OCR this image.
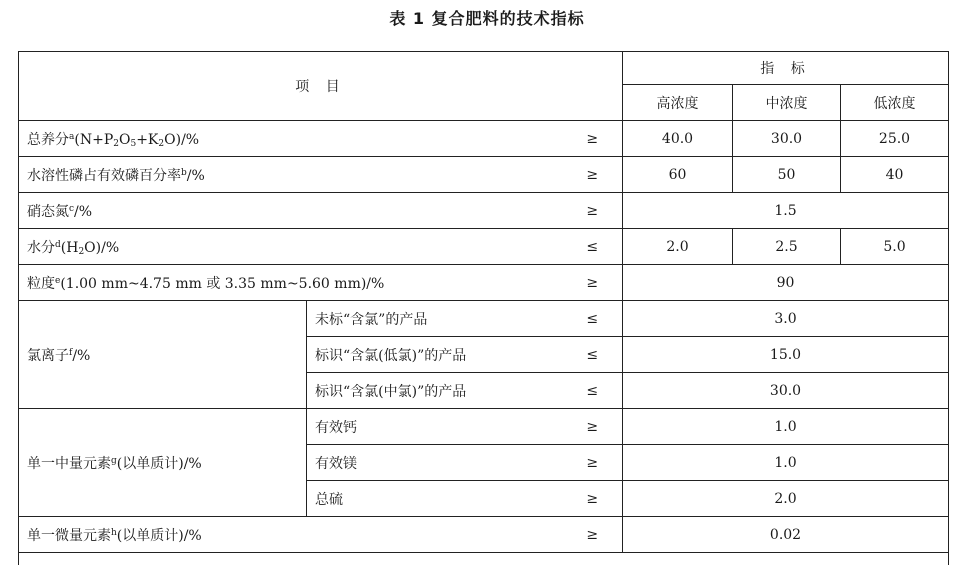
表 1 复合肥料的技术指标
项 目			指 标		
			高浓度	中浓度	低浓度
总养分$^a(N+P_2O_5+K_2O)/\%$		≥	40.0	30.0	25.0
水溶性磷占有效磷百分率$^b$/%		≥	60	50	40
硝态氮$^c$/%		≥	1.5		
水分$^d(H_2O)/\%$		≤	2.0	2.5	5.0
粒度$^e$(1.00 mm~4.75 mm 或 3.35 mm~5.60 mm)/%		≥	90		
氯离子$^f$/%	未标“含氯”的产品	≤	3.0		
	标识“含氯(低氯)”的产品	≤	15.0		
	标识“含氯(中氯)”的产品	≤	30.0		
单一中量元素$^g$(以单质计)/%	有效钙	≥	1.0		
	有效镁	≥	1.0		
	总硫	≥	2.0		
单一微量元素$^h$(以单质计)/%		≥	0.02		
